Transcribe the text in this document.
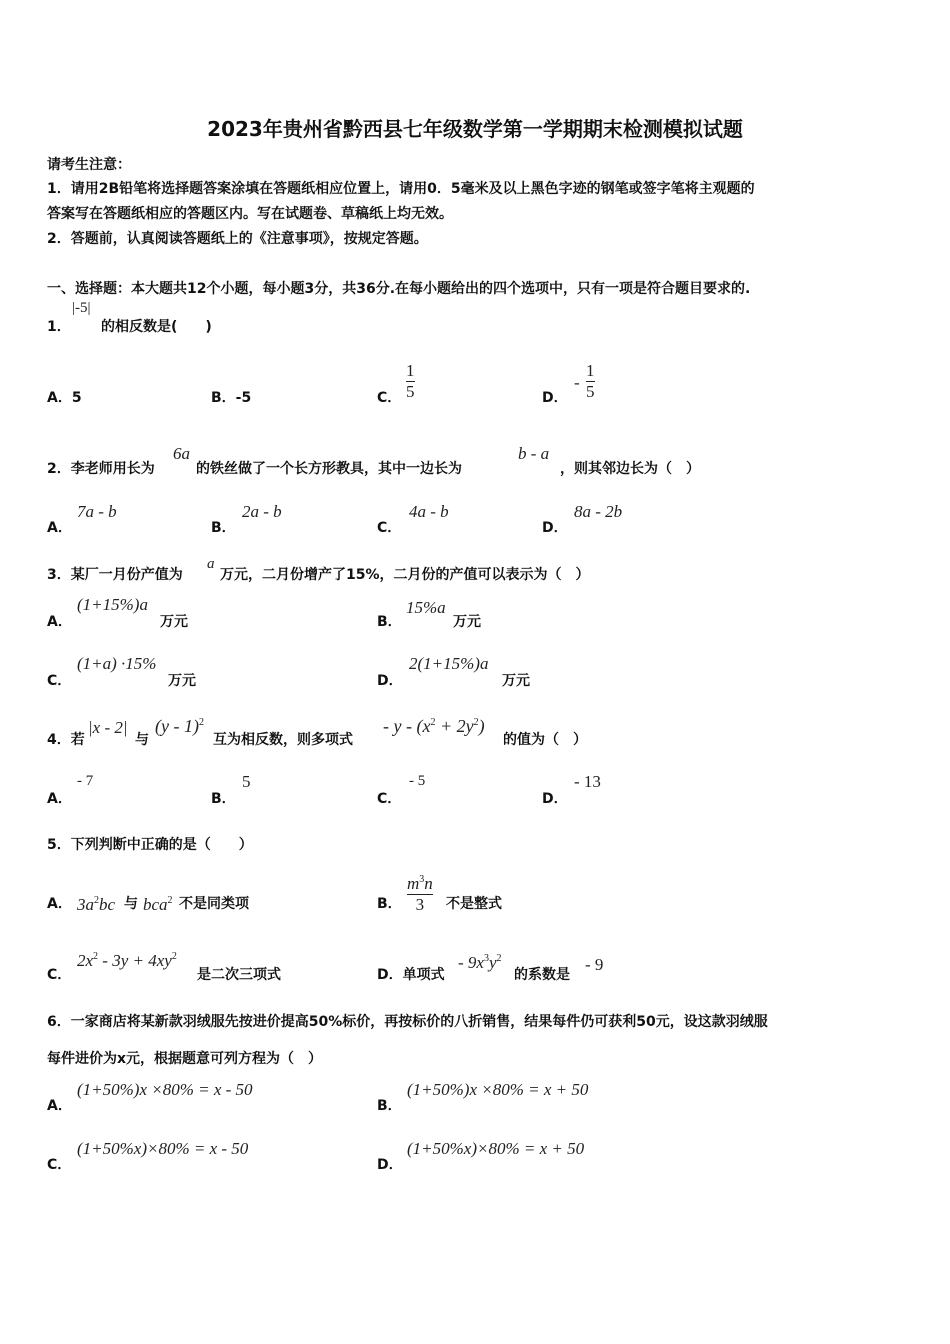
2023年贵州省黔西县七年级数学第一学期期末检测模拟试题
请考生注意：
1．请用2B铅笔将选择题答案涂填在答题纸相应位置上，请用0．5毫米及以上黑色字迹的钢笔或签字笔将主观题的
答案写在答题纸相应的答题区内。写在试题卷、草稿纸上均无效。
2．答题前，认真阅读答题纸上的《注意事项》，按规定答题。
一、选择题：本大题共12个小题，每小题3分，共36分.在每小题给出的四个选项中，只有一项是符合题目要求的.
1．
|-5|
的相反数是(　　)
A．5	B．-5	C． $\frac{1}{5}$	D．
- $\frac{1}{5}$
2．李老师用长为
6a
的铁丝做了一个长方形教具，其中一边长为
b - a
，则其邻边长为（　）
A．
7a - b
B．
2a - b
C．
4a - b
D．
8a - 2b
3．某厂一月份产值为
a
万元，二月份增产了15%，二月份的产值可以表示为（　）
A．
(1+15%)a
万元	B．
15%a
万元
C．
(1+a) ·15%
万元	D．
2(1+15%)a
万元
4．若
|x - 2|
与
(y - 1)$^2$
互为相反数，则多项式
- $y - (x^2 + 2y^2)$
的值为（　）
A．
- 7
B．
5
C．
- 5
D．
- 13
5．下列判断中正确的是（　　）
A． $3a^2bc$ 与 bca$^2$ 不是同类项	B． $\frac{m^3n}{3}$ 不是整式
C．
$2x^2 - 3y + 4xy^2$
是二次三项式	D．单项式
- $9x^3y^2$
的系数是
- 9
6．一家商店将某新款羽绒服先按进价提高50%标价，再按标价的八折销售，结果每件仍可获利50元，设这款羽绒服
每件进价为x元，根据题意可列方程为（　）
A．
(1+50%)x ×80% = x - 50
B．
(1+50%)x ×80% = x + 50
C．
(1+50%x)×80% = x - 50
D．
(1+50%x)×80% = x + 50
